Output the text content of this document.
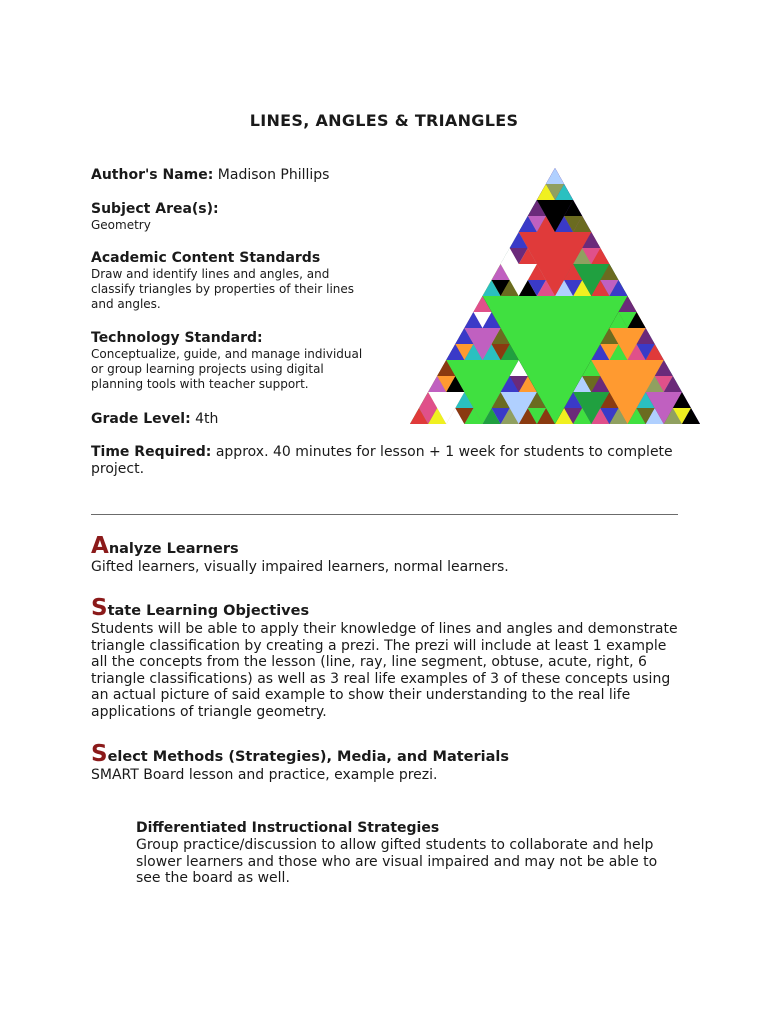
LINES, ANGLES & TRIANGLES
Author's Name: Madison Phillips
Subject Area(s):
Geometry
Academic Content Standards
Draw and identify lines and angles, and
classify triangles by properties of their lines
and angles.
Technology Standard:
Conceptualize, guide, and manage individual
or group learning projects using digital
planning tools with teacher support.
Grade Level: 4th
Time Required: approx. 40 minutes for lesson + 1 week for students to complete
project.
Analyze Learners
Gifted learners, visually impaired learners, normal learners.
State Learning Objectives
Students will be able to apply their knowledge of lines and angles and demonstrate
triangle classification by creating a prezi. The prezi will include at least 1 example
all the concepts from the lesson (line, ray, line segment, obtuse, acute, right, 6
triangle classifications) as well as 3 real life examples of 3 of these concepts using
an actual picture of said example to show their understanding to the real life
applications of triangle geometry.
Select Methods (Strategies), Media, and Materials
SMART Board lesson and practice, example prezi.
Differentiated Instructional Strategies
Group practice/discussion to allow gifted students to collaborate and help
slower learners and those who are visual impaired and may not be able to
see the board as well.
